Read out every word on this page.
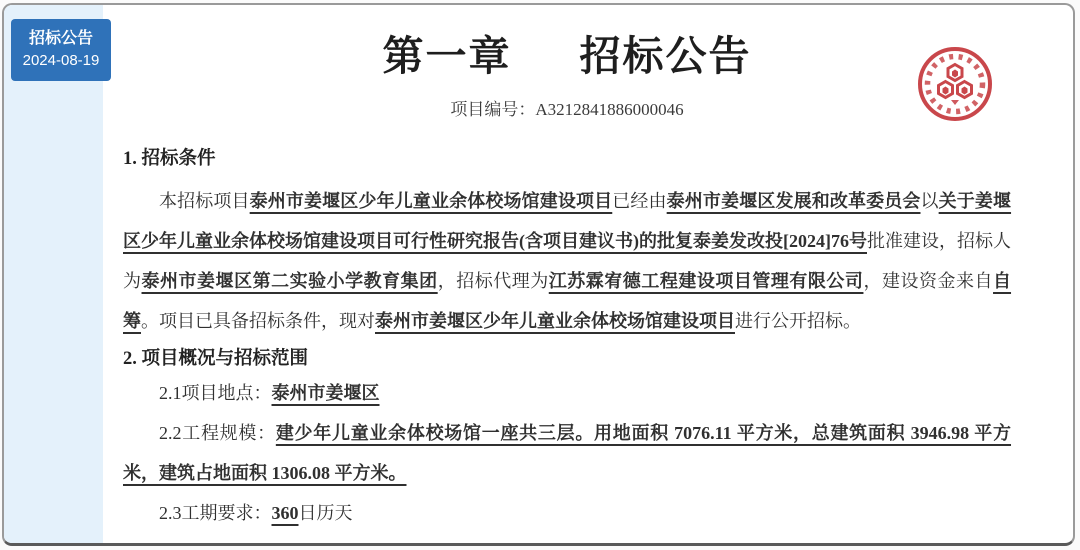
招标公告
2024-08-19	第一章 招标公告
项目编号：A3212841886000046
1. 招标条件
本招标项目泰州市姜堰区少年儿童业余体校场馆建设项目已经由泰州市姜堰区发展和改革委员会以关于姜堰区少年儿童业余体校场馆建设项目可行性研究报告(含项目建议书)的批复泰姜发改投[2024]76号批准建设，招标人为泰州市姜堰区第二实验小学教育集团，招标代理为江苏霖宥德工程建设项目管理有限公司，建设资金来自自筹。项目已具备招标条件，现对泰州市姜堰区少年儿童业余体校场馆建设项目进行公开招标。
2. 项目概况与招标范围
2.1项目地点：泰州市姜堰区
2.2工程规模：建少年儿童业余体校场馆一座共三层。用地面积 7076.11 平方米，总建筑面积 3946.98 平方米，建筑占地面积 1306.08 平方米。
2.3工期要求：360日历天
